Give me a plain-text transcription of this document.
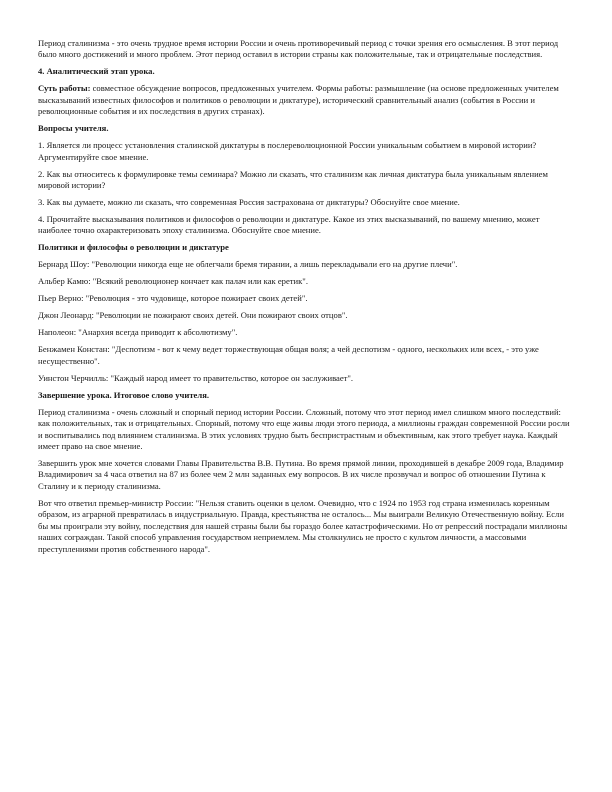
Период сталинизма - это очень трудное время истории России и очень противоречивый период с точки зрения его осмысления. В этот период было много достижений и много проблем. Этот период оставил в истории страны как положительные, так и отрицательные последствия.

4. Аналитический этап урока.

Суть работы: совместное обсуждение вопросов, предложенных учителем. Формы работы: размышление (на основе предложенных учителем высказываний известных философов и политиков о революции и диктатуре), исторический сравнительный анализ (события в России и революционные события и их последствия в других странах).

Вопросы учителя.

1. Является ли процесс установления сталинской диктатуры в послереволюционной России уникальным событием в мировой истории? Аргументируйте свое мнение.

2. Как вы относитесь к формулировке темы семинара? Можно ли сказать, что сталинизм как личная диктатура была уникальным явлением мировой истории?

3. Как вы думаете, можно ли сказать, что современная Россия застрахована от диктатуры? Обоснуйте свое мнение.

4. Прочитайте высказывания политиков и философов о революции и диктатуре. Какое из этих высказываний, по вашему мнению, может наиболее точно охарактеризовать эпоху сталинизма. Обоснуйте свое мнение.

Политики и философы о революции и диктатуре

Бернард Шоу: "Революции никогда еще не облегчали бремя тирании, а лишь перекладывали его на другие плечи".

Альбер Камю: "Всякий революционер кончает как палач или как еретик".

Пьер Верно: "Революция - это чудовище, которое пожирает своих детей".

Джон Леонард: "Революции не пожирают своих детей. Они пожирают своих отцов".

Наполеон: "Анархия всегда приводит к абсолютизму".

Бенжамен Констан: "Деспотизм - вот к чему ведет торжествующая общая воля; а чей деспотизм - одного, нескольких или всех, - это уже несущественно".

Уинстон Черчилль: "Каждый народ имеет то правительство, которое он заслуживает".

Завершение урока. Итоговое слово учителя.

Период сталинизма - очень сложный и спорный период истории России. Сложный, потому что этот период имел слишком много последствий: как положительных, так и отрицательных. Спорный, потому что еще живы люди этого периода, а миллионы граждан современной России росли и воспитывались под влиянием сталинизма. В этих условиях трудно быть беспристрастным и объективным, как этого требует наука. Каждый имеет право на свое мнение.

Завершить урок мне хочется словами Главы Правительства В.В. Путина. Во время прямой линии, проходившей в декабре 2009 года, Владимир Владимирович за 4 часа ответил на 87 из более чем 2 млн заданных ему вопросов. В их числе прозвучал и вопрос об отношении Путина к Сталину и к периоду сталинизма.

Вот что ответил премьер-министр России: "Нельзя ставить оценки в целом. Очевидно, что с 1924 по 1953 год страна изменилась коренным образом, из аграрной превратилась в индустриальную. Правда, крестьянства не осталось... Мы выиграли Великую Отечественную войну. Если бы мы проиграли эту войну, последствия для нашей страны были бы гораздо более катастрофическими. Но от репрессий пострадали миллионы наших сограждан. Такой способ управления государством неприемлем. Мы столкнулись не просто с культом личности, а массовыми преступлениями против собственного народа".
